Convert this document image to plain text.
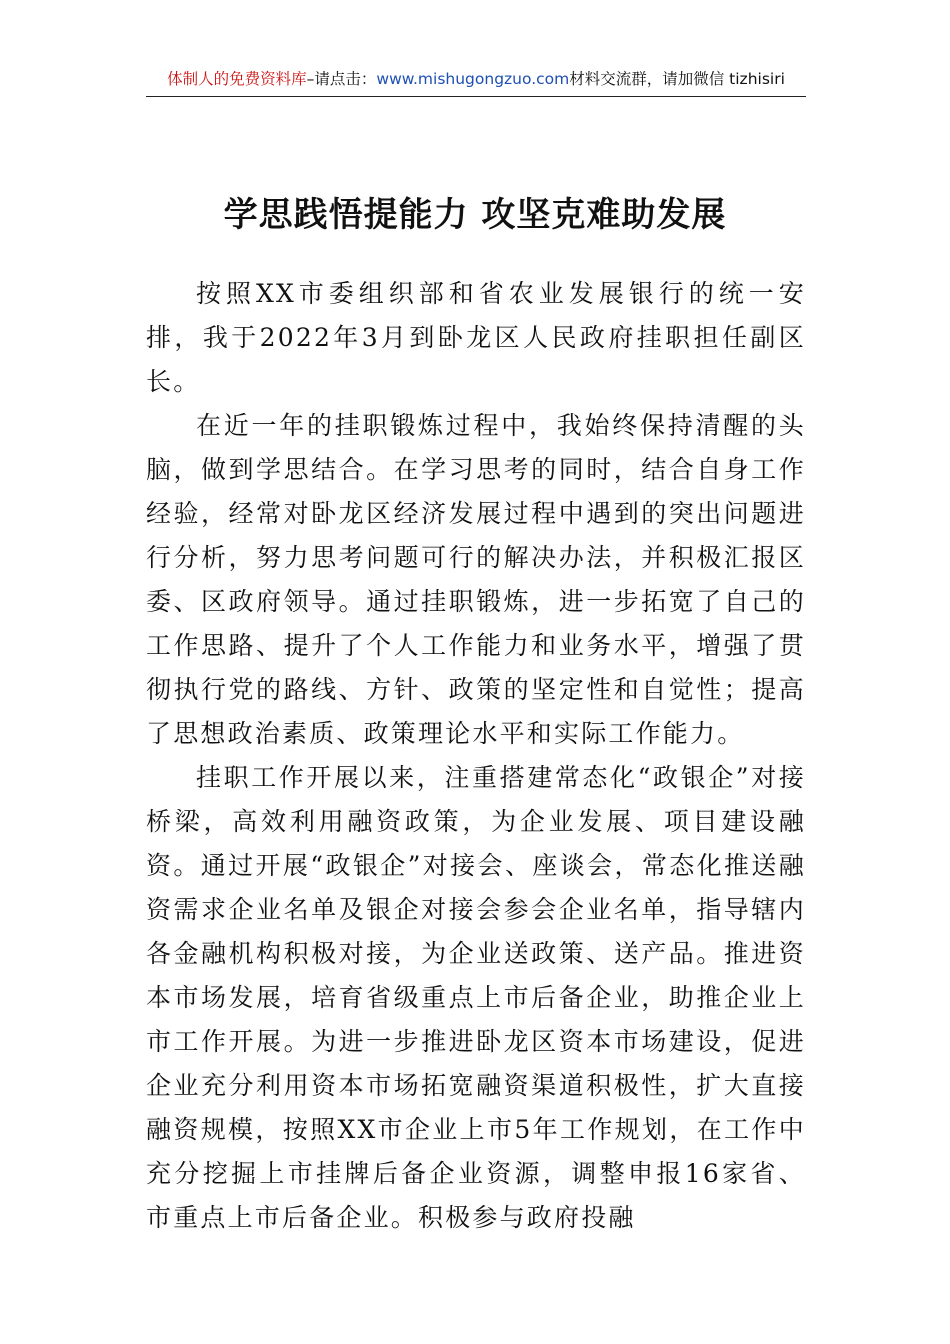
体制人的免费资料库–请点击：www.mishugongzuo.com材料交流群，请加微信 tizhisiri
学思践悟提能力 攻坚克难助发展

按照XX市委组织部和省农业发展银行的统一安排，我于2022年3月到卧龙区人民政府挂职担任副区长。

在近一年的挂职锻炼过程中，我始终保持清醒的头脑，做到学思结合。在学习思考的同时，结合自身工作经验，经常对卧龙区经济发展过程中遇到的突出问题进行分析，努力思考问题可行的解决办法，并积极汇报区委、区政府领导。通过挂职锻炼，进一步拓宽了自己的工作思路、提升了个人工作能力和业务水平，增强了贯彻执行党的路线、方针、政策的坚定性和自觉性；提高了思想政治素质、政策理论水平和实际工作能力。

挂职工作开展以来，注重搭建常态化“政银企”对接桥梁，高效利用融资政策，为企业发展、项目建设融资。通过开展“政银企”对接会、座谈会，常态化推送融资需求企业名单及银企对接会参会企业名单，指导辖内各金融机构积极对接，为企业送政策、送产品。推进资本市场发展，培育省级重点上市后备企业，助推企业上市工作开展。为进一步推进卧龙区资本市场建设，促进企业充分利用资本市场拓宽融资渠道积极性，扩大直接融资规模，按照XX市企业上市5年工作规划，在工作中充分挖掘上市挂牌后备企业资源，调整申报16家省、市重点上市后备企业。积极参与政府投融
